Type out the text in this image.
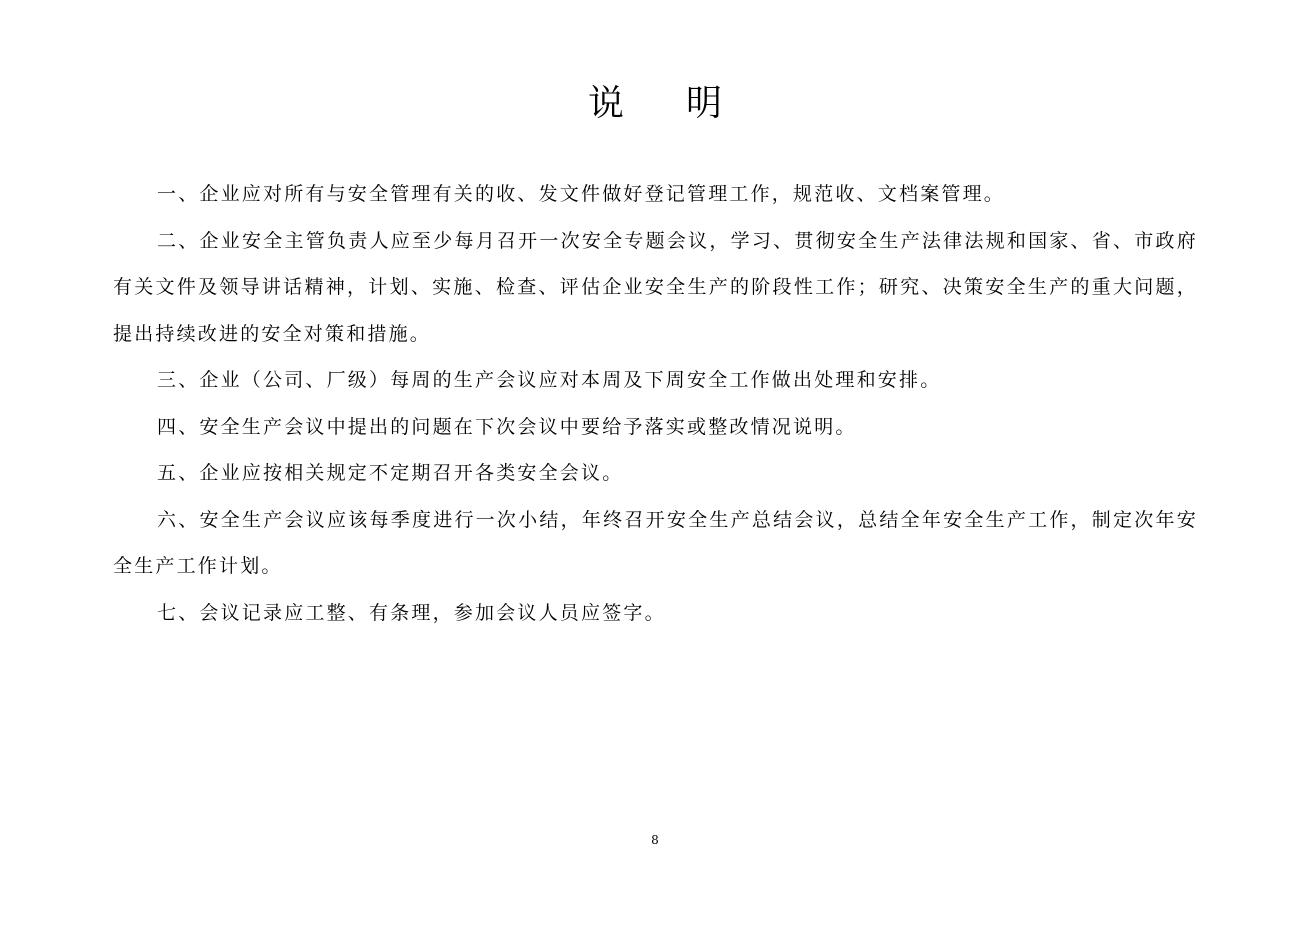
说明

一、企业应对所有与安全管理有关的收、发文件做好登记管理工作，规范收、文档案管理。

二、企业安全主管负责人应至少每月召开一次安全专题会议，学习、贯彻安全生产法律法规和国家、省、市政府有关文件及领导讲话精神，计划、实施、检查、评估企业安全生产的阶段性工作；研究、决策安全生产的重大问题，提出持续改进的安全对策和措施。

三、企业（公司、厂级）每周的生产会议应对本周及下周安全工作做出处理和安排。

四、安全生产会议中提出的问题在下次会议中要给予落实或整改情况说明。

五、企业应按相关规定不定期召开各类安全会议。

六、安全生产会议应该每季度进行一次小结，年终召开安全生产总结会议，总结全年安全生产工作，制定次年安全生产工作计划。

七、会议记录应工整、有条理，参加会议人员应签字。

8
